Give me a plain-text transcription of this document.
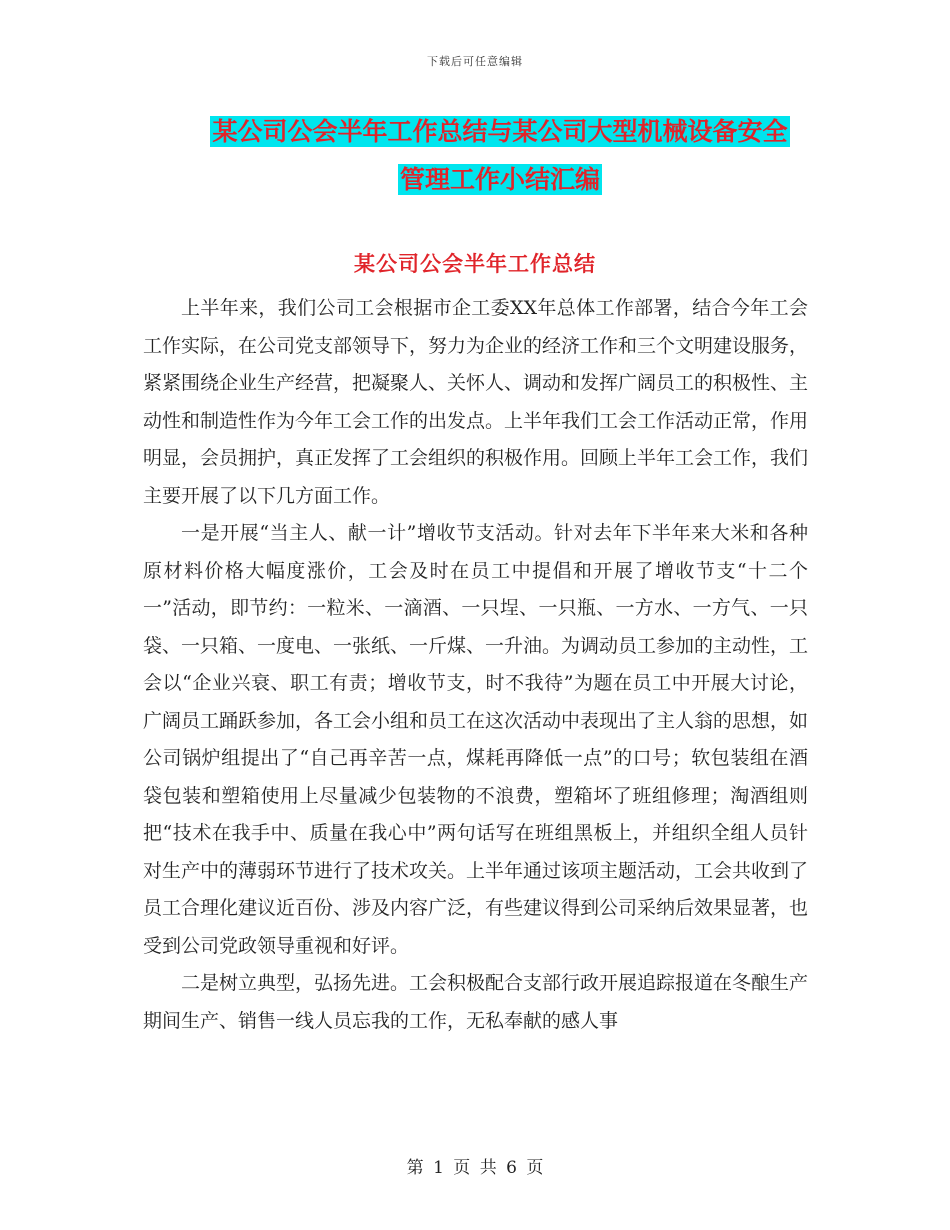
下载后可任意编辑
某公司公会半年工作总结与某公司大型机械设备安全
管理工作小结汇编
某公司公会半年工作总结

上半年来，我们公司工会根据市企工委XX年总体工作部署，结合今年工会工作实际，在公司党支部领导下，努力为企业的经济工作和三个文明建设服务，紧紧围绕企业生产经营，把凝聚人、关怀人、调动和发挥广阔员工的积极性、主动性和制造性作为今年工会工作的出发点。上半年我们工会工作活动正常，作用明显，会员拥护，真正发挥了工会组织的积极作用。回顾上半年工会工作，我们主要开展了以下几方面工作。

一是开展“当主人、献一计”增收节支活动。针对去年下半年来大米和各种原材料价格大幅度涨价，工会及时在员工中提倡和开展了增收节支“十二个一”活动，即节约：一粒米、一滴酒、一只埕、一只瓶、一方水、一方气、一只袋、一只箱、一度电、一张纸、一斤煤、一升油。为调动员工参加的主动性，工会以“企业兴衰、职工有责；增收节支，时不我待”为题在员工中开展大讨论，广阔员工踊跃参加，各工会小组和员工在这次活动中表现出了主人翁的思想，如公司锅炉组提出了“自己再辛苦一点，煤耗再降低一点”的口号；软包装组在酒袋包装和塑箱使用上尽量减少包装物的不浪费，塑箱坏了班组修理；淘酒组则把“技术在我手中、质量在我心中”两句话写在班组黑板上，并组织全组人员针对生产中的薄弱环节进行了技术攻关。上半年通过该项主题活动，工会共收到了员工合理化建议近百份、涉及内容广泛，有些建议得到公司采纳后效果显著，也受到公司党政领导重视和好评。

二是树立典型，弘扬先进。工会积极配合支部行政开展追踪报道在冬酿生产期间生产、销售一线人员忘我的工作，无私奉献的感人事

第 1 页 共 6 页
